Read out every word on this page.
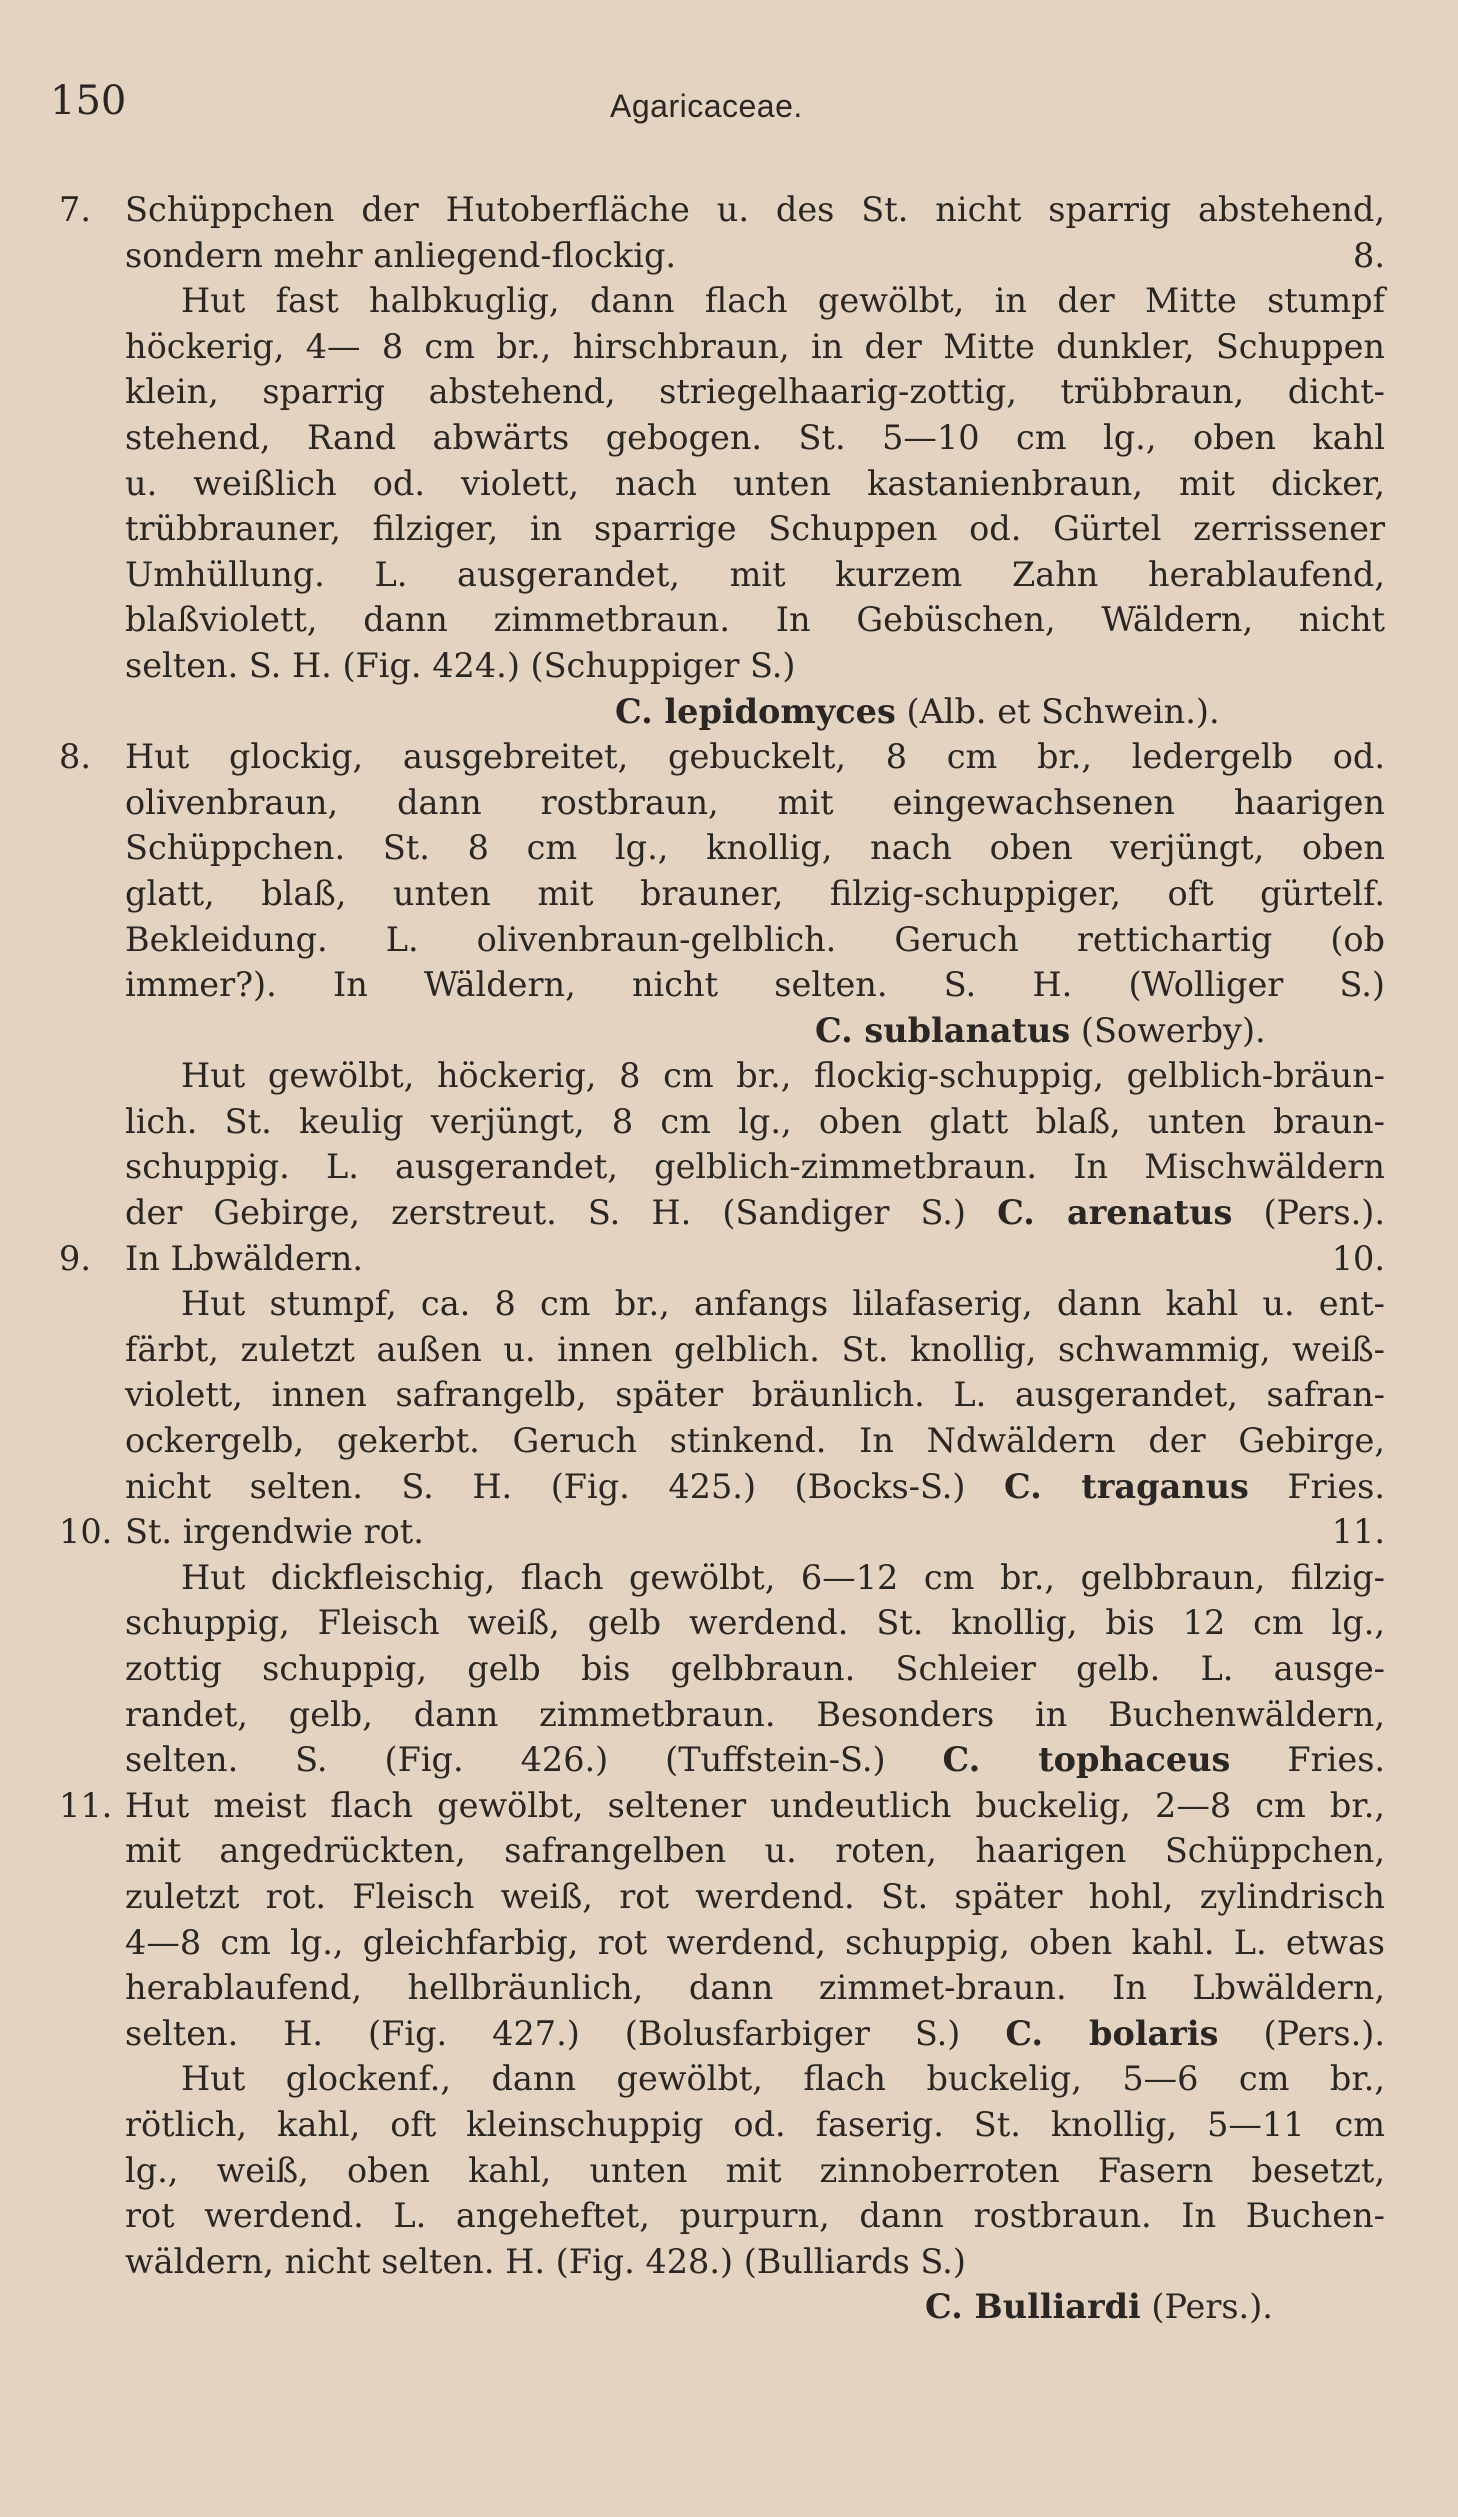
150	Agaricaceae.
7.	Schüppchen der Hutoberfläche u. des St. nicht sparrig abstehend,
sondern mehr anliegend-flockig.	8.
Hut fast halbkuglig, dann flach gewölbt, in der Mitte stumpf
höckerig, 4— 8 cm br., hirschbraun, in der Mitte dunkler, Schuppen
klein, sparrig abstehend, striegelhaarig-zottig, trübbraun, dicht-
stehend, Rand abwärts gebogen. St. 5—10 cm lg., oben kahl
u. weißlich od. violett, nach unten kastanienbraun, mit dicker,
trübbrauner, filziger, in sparrige Schuppen od. Gürtel zerrissener
Umhüllung. L. ausgerandet, mit kurzem Zahn herablaufend,
blaßviolett, dann zimmetbraun. In Gebüschen, Wäldern, nicht
selten. S. H. (Fig. 424.) (Schuppiger S.)
C. lepidomyces (Alb. et Schwein.).
8.	Hut glockig, ausgebreitet, gebuckelt, 8 cm br., ledergelb od.
olivenbraun, dann rostbraun, mit eingewachsenen haarigen
Schüppchen. St. 8 cm lg., knollig, nach oben verjüngt, oben
glatt, blaß, unten mit brauner, filzig-schuppiger, oft gürtelf.
Bekleidung. L. olivenbraun-gelblich. Geruch rettichartig (ob
immer?). In Wäldern, nicht selten. S. H. (Wolliger S.)
C. sublanatus (Sowerby).
Hut gewölbt, höckerig, 8 cm br., flockig-schuppig, gelblich-bräun-
lich. St. keulig verjüngt, 8 cm lg., oben glatt blaß, unten braun-
schuppig. L. ausgerandet, gelblich-zimmetbraun. In Mischwäldern
der Gebirge, zerstreut. S. H. (Sandiger S.) C. arenatus (Pers.).
9.	In Lbwäldern.	10.
Hut stumpf, ca. 8 cm br., anfangs lilafaserig, dann kahl u. ent-
färbt, zuletzt außen u. innen gelblich. St. knollig, schwammig, weiß-
violett, innen safrangelb, später bräunlich. L. ausgerandet, safran-
ockergelb, gekerbt. Geruch stinkend. In Ndwäldern der Gebirge,
nicht selten. S. H. (Fig. 425.) (Bocks-S.) C. traganus Fries.
10. St. irgendwie rot.	11.
Hut dickfleischig, flach gewölbt, 6—12 cm br., gelbbraun, filzig-
schuppig, Fleisch weiß, gelb werdend. St. knollig, bis 12 cm lg.,
zottig schuppig, gelb bis gelbbraun. Schleier gelb. L. ausge-
randet, gelb, dann zimmetbraun. Besonders in Buchenwäldern,
selten. S. (Fig. 426.) (Tuffstein-S.) C. tophaceus Fries.
11. Hut meist flach gewölbt, seltener undeutlich buckelig, 2—8 cm br.,
mit angedrückten, safrangelben u. roten, haarigen Schüppchen,
zuletzt rot. Fleisch weiß, rot werdend. St. später hohl, zylindrisch
4—8 cm lg., gleichfarbig, rot werdend, schuppig, oben kahl. L. etwas
herablaufend, hellbräunlich, dann zimmet-braun. In Lbwäldern,
selten. H. (Fig. 427.) (Bolusfarbiger S.) C. bolaris (Pers.).
Hut glockenf., dann gewölbt, flach buckelig, 5—6 cm br.,
rötlich, kahl, oft kleinschuppig od. faserig. St. knollig, 5—11 cm
lg., weiß, oben kahl, unten mit zinnoberroten Fasern besetzt,
rot werdend. L. angeheftet, purpurn, dann rostbraun. In Buchen-
wäldern, nicht selten. H. (Fig. 428.) (Bulliards S.)
C. Bulliardi (Pers.).
